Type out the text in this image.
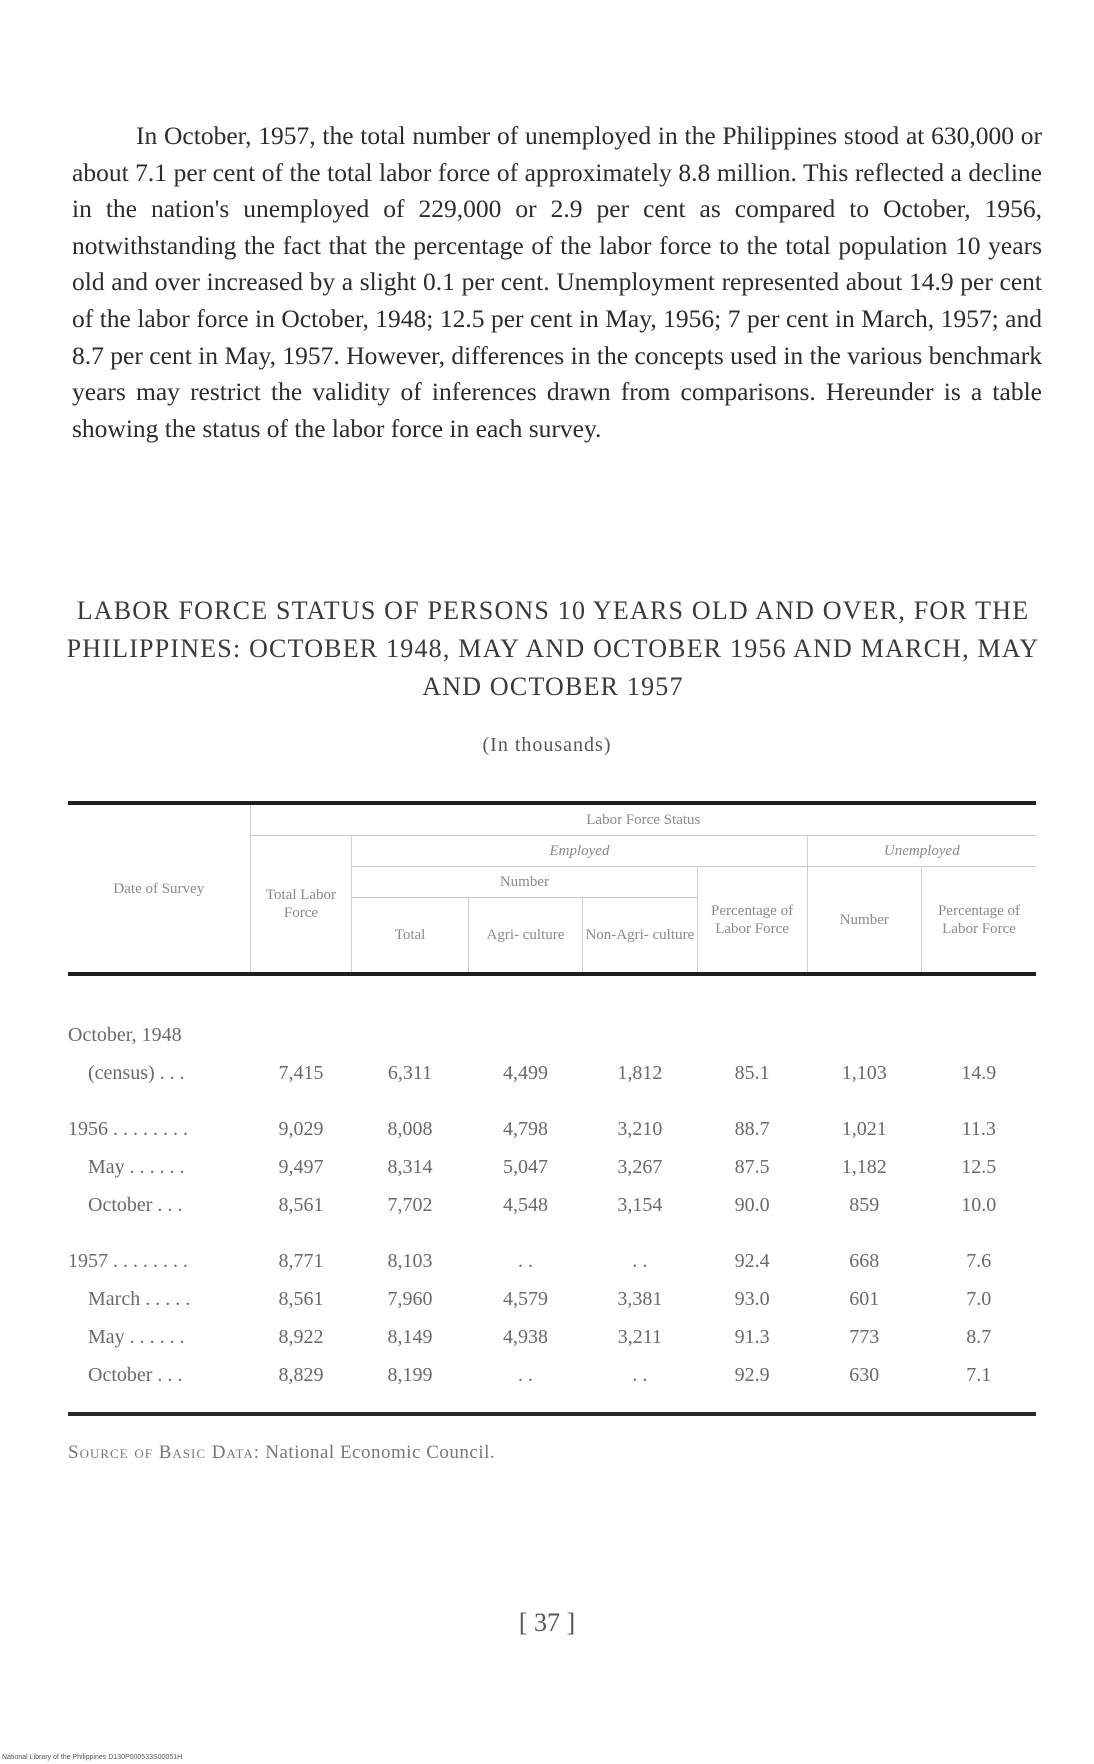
In October, 1957, the total number of unemployed in the Philippines stood at 630,000 or about 7.1 per cent of the total labor force of approximately 8.8 million. This reflected a decline in the nation's unemployed of 229,000 or 2.9 per cent as compared to October, 1956, notwithstanding the fact that the percentage of the labor force to the total population 10 years old and over increased by a slight 0.1 per cent. Unemployment represented about 14.9 per cent of the labor force in October, 1948; 12.5 per cent in May, 1956; 7 per cent in March, 1957; and 8.7 per cent in May, 1957. However, differences in the concepts used in the various benchmark years may restrict the validity of inferences drawn from comparisons. Hereunder is a table showing the status of the labor force in each survey.

LABOR FORCE STATUS OF PERSONS 10 YEARS OLD AND OVER, FOR THE PHILIPPINES: OCTOBER 1948, MAY AND OCTOBER 1956 AND MARCH, MAY AND OCTOBER 1957

(In thousands)
Date of Survey	Labor Force Status						
	Total Labor Force	Employed				Unemployed	
		Number			Percentage of Labor Force	Number	Percentage of Labor Force
		Total	Agri- culture	Non-Agri- culture			

October, 1948							
(census) . . .	7,415	6,311	4,499	1,812	85.1	1,103	14.9

1956 . . . . . . . .	9,029	8,008	4,798	3,210	88.7	1,021	11.3
May . . . . . .	9,497	8,314	5,047	3,267	87.5	1,182	12.5
October . . .	8,561	7,702	4,548	3,154	90.0	859	10.0

1957 . . . . . . . .	8,771	8,103	. .	. .	92.4	668	7.6
March . . . . .	8,561	7,960	4,579	3,381	93.0	601	7.0
May . . . . . .	8,922	8,149	4,938	3,211	91.3	773	8.7
October . . .	8,829	8,199	. .	. .	92.9	630	7.1

Source of Basic Data: National Economic Council.
[ 37 ]
National Library of the Philippines D130P000533S00051H
